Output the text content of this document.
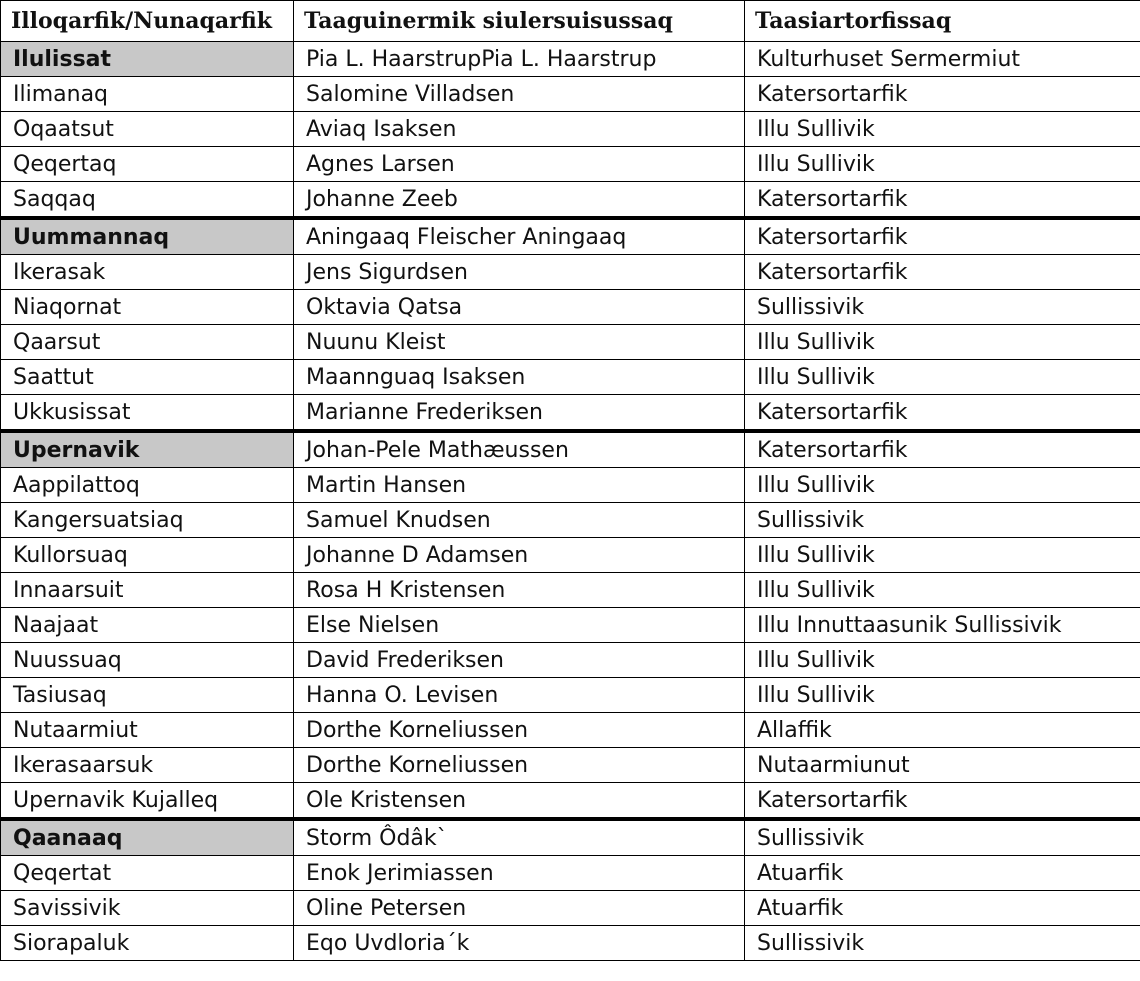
Illoqarfik/Nunaqarfik	Taaguinermik siulersuisussaq	Taasiartorfissaq
Ilulissat	Pia L. HaarstrupPia L. Haarstrup	Kulturhuset Sermermiut
Ilimanaq	Salomine Villadsen	Katersortarfik
Oqaatsut	Aviaq Isaksen	Illu Sullivik
Qeqertaq	Agnes Larsen	Illu Sullivik
Saqqaq	Johanne Zeeb	Katersortarfik
Uummannaq	Aningaaq Fleischer Aningaaq	Katersortarfik
Ikerasak	Jens Sigurdsen	Katersortarfik
Niaqornat	Oktavia Qatsa	Sullissivik
Qaarsut	Nuunu Kleist	Illu Sullivik
Saattut	Maannguaq Isaksen	Illu Sullivik
Ukkusissat	Marianne Frederiksen	Katersortarfik
Upernavik	Johan-Pele Mathæussen	Katersortarfik
Aappilattoq	Martin Hansen	Illu Sullivik
Kangersuatsiaq	Samuel Knudsen	Sullissivik
Kullorsuaq	Johanne D Adamsen	Illu Sullivik
Innaarsuit	Rosa H Kristensen	Illu Sullivik
Naajaat	Else Nielsen	Illu Innuttaasunik Sullissivik
Nuussuaq	David Frederiksen	Illu Sullivik
Tasiusaq	Hanna O. Levisen	Illu Sullivik
Nutaarmiut	Dorthe Korneliussen	Allaffik
Ikerasaarsuk	Dorthe Korneliussen	Nutaarmiunut
Upernavik Kujalleq	Ole Kristensen	Katersortarfik
Qaanaaq	Storm Ôdâk`	Sullissivik
Qeqertat	Enok Jerimiassen	Atuarfik
Savissivik	Oline Petersen	Atuarfik
Siorapaluk	Eqo Uvdloria´k	Sullissivik
